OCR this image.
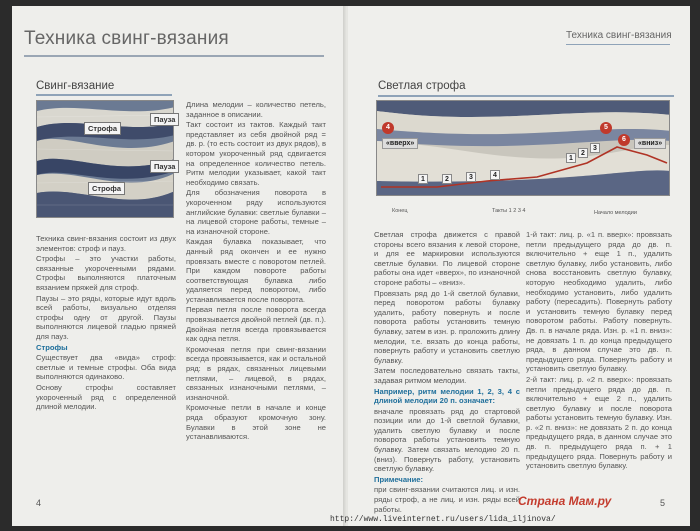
Техника свинг-вязания
Свинг-вязание
Пауза
Строфа
Пауза
Строфа

Техника свинг-вязания состоит из двух элементов: строф и пауз.

Строфы – это участки работы, связанные укороченными рядами. Строфы выполняются платочным вязанием пряжей для строф.

Паузы – это ряды, которые идут вдоль всей работы, визуально отделяя строфы одну от другой. Паузы выполняются лицевой гладью пряжей для пауз.

Строфы

Существует два «вида» строф: светлые и темные строфы. Оба вида выполняются одинаково.

Основу строфы составляет укороченный ряд с определенной длиной мелодии.

Длина мелодии – количество петель, заданное в описании.

Такт состоит из тактов. Каждый такт представляет из себя двойной ряд = дв. р. (то есть состоит из двух рядов), в котором укороченный ряд сдвигается на определенное количество петель. Ритм мелодии указывает, какой такт необходимо связать.

Для обозначения поворота в укороченном ряду используются английские булавки: светлые булавки – на лицевой стороне работы, темные – на изнаночной стороне.

Каждая булавка показывает, что данный ряд окончен и ее нужно провязать вместе с поворотом петлей. При каждом повороте работы соответствующая булавка либо удаляется перед поворотом, либо устанавливается после поворота.

Первая петля после поворота всегда провязывается двойной петлей (дв. п.). Двойная петля всегда провязывается как одна петля.

Кромочная петля при свинг-вязании всегда провязывается, как и остальной ряд: в рядах, связанных лицевыми петлями, – лицевой, в рядах, связанных изнаночными петлями, – изнаночной.

Кромочные петли в начале и конце ряда образуют кромочную зону. Булавки в этой зоне не устанавливаются.

4
Техника свинг-вязания
Светлая строфа
«вверх»	«вниз»
1	2	3	4
1
2
3
4	5
6
Конец	Такты 1 2 3 4	Начало мелодии

Светлая строфа движется с правой стороны всего вязания к левой стороне, и для ее маркировки используются светлые булавки. По лицевой стороне работы она идет «вверх», по изнаночной стороне работы – «вниз».

Провязать ряд до 1-й светлой булавки, перед поворотом работы булавку удалить, работу повернуть и после поворота работы установить темную булавку, затем в изн. р. проложить длину мелодии, т.е. вязать до конца работы, повернуть работу и установить светлую булавку.

Затем последовательно связать такты, задавая ритмом мелодии.

Например, ритм мелодии 1, 2, 3, 4 с длиной мелодии 20 п. означает:

вначале провязать ряд до стартовой позиции или до 1-й светлой булавки, удалить светлую булавку и после поворота работы установить темную булавку. Затем связать мелодию 20 п. (вниз). Повернуть работу, установить светлую булавку.

Примечание:

при свинг-вязании считаются лиц. и изн. ряды строф, а не лиц. и изн. ряды всей работы.

1-й такт: лиц. р. «1 п. вверх»: провязать петли предыдущего ряда до дв. п. включительно + еще 1 п., удалить светлую булавку, либо установить, либо снова восстановить светлую булавку, которую необходимо удалить, либо необходимо установить, либо удалить работу (пересадить). Повернуть работу и установить темную булавку перед поворотом работы. Работу повернуть. Дв. п. в начале ряда. Изн. р. «1 п. вниз»: не довязать 1 п. до конца предыдущего ряда, в данном случае это дв. п. предыдущего ряда. Повернуть работу и установить светлую булавку.

2-й такт: лиц. р. «2 п. вверх»: провязать петли предыдущего ряда до дв. п. включительно + еще 2 п., удалить светлую булавку и после поворота работы установить темную булавку. Изн. р. «2 п. вниз»: не довязать 2 п. до конца предыдущего ряда, в данном случае это дв. п. предыдущего ряда п. + 1 предыдущего ряда. Повернуть работу и установить светлую булавку.

5
Страна Мам.ру
http://www.liveinternet.ru/users/lida_iljinova/
